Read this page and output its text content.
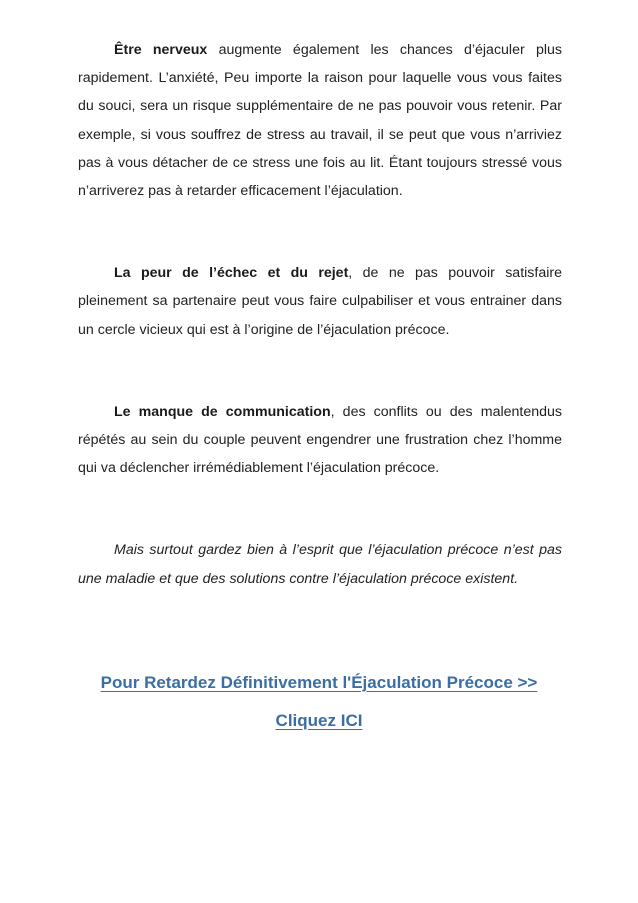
Être nerveux augmente également les chances d’éjaculer plus rapidement. L’anxiété, Peu importe la raison pour laquelle vous vous faites du souci, sera un risque supplémentaire de ne pas pouvoir vous retenir. Par exemple, si vous souffrez de stress au travail, il se peut que vous n’arriviez pas à vous détacher de ce stress une fois au lit. Étant toujours stressé vous n’arriverez pas à retarder efficacement l’éjaculation.

La peur de l’échec et du rejet, de ne pas pouvoir satisfaire pleinement sa partenaire peut vous faire culpabiliser et vous entrainer dans un cercle vicieux qui est à l’origine de l’éjaculation précoce.

Le manque de communication, des conflits ou des malentendus répétés au sein du couple peuvent engendrer une frustration chez l’homme qui va déclencher irrémédiablement l’éjaculation précoce.

Mais surtout gardez bien à l’esprit que l’éjaculation précoce n’est pas une maladie et que des solutions contre l’éjaculation précoce existent.

Pour Retardez Définitivement l'Éjaculation Précoce >>
Cliquez ICI
